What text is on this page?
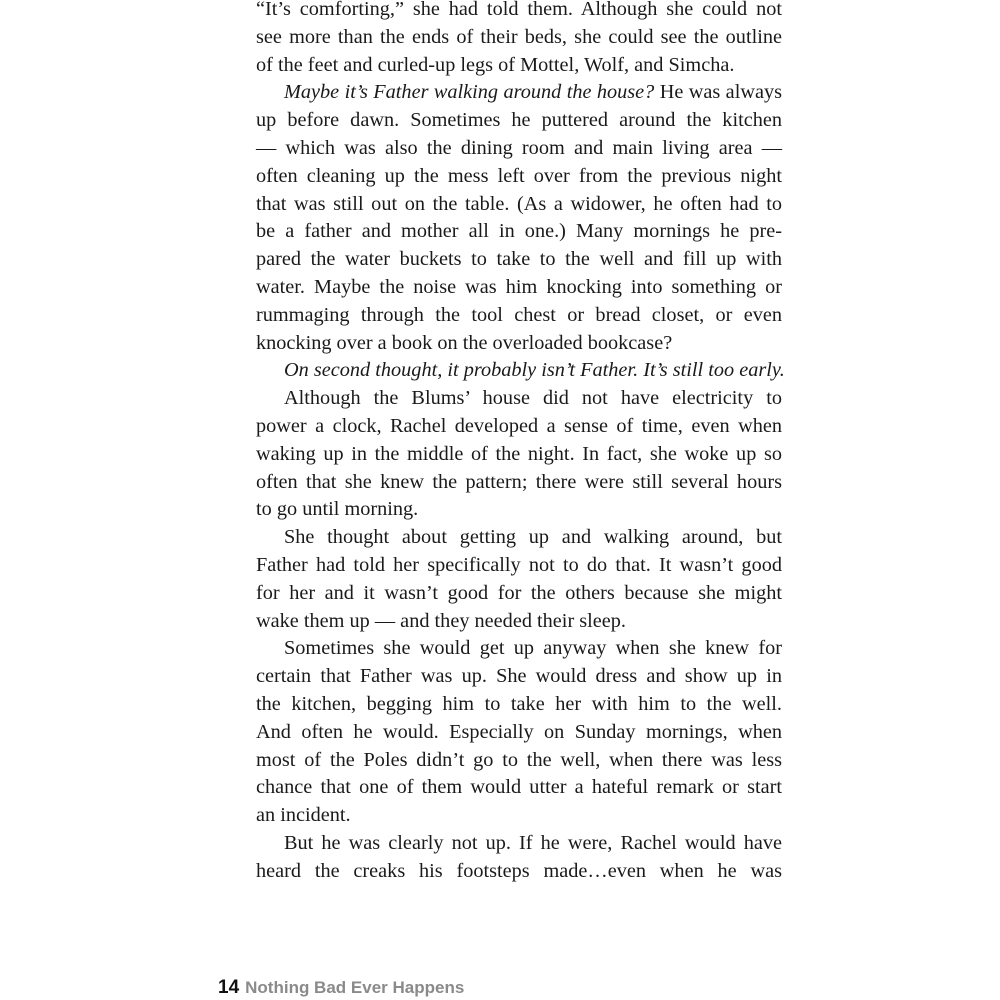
“It’s comforting,” she had told them. Although she could not
see more than the ends of their beds, she could see the outline
of the feet and curled-up legs of Mottel, Wolf, and Simcha.
Maybe it’s Father walking around the house? He was always
up before dawn. Sometimes he puttered around the kitchen
— which was also the dining room and main living area —
often cleaning up the mess left over from the previous night
that was still out on the table. (As a widower, he often had to
be a father and mother all in one.) Many mornings he pre-
pared the water buckets to take to the well and fill up with
water. Maybe the noise was him knocking into something or
rummaging through the tool chest or bread closet, or even
knocking over a book on the overloaded bookcase?
On second thought, it probably isn’t Father. It’s still too early.
Although the Blums’ house did not have electricity to
power a clock, Rachel developed a sense of time, even when
waking up in the middle of the night. In fact, she woke up so
often that she knew the pattern; there were still several hours
to go until morning.
She thought about getting up and walking around, but
Father had told her specifically not to do that. It wasn’t good
for her and it wasn’t good for the others because she might
wake them up — and they needed their sleep.
Sometimes she would get up anyway when she knew for
certain that Father was up. She would dress and show up in
the kitchen, begging him to take her with him to the well.
And often he would. Especially on Sunday mornings, when
most of the Poles didn’t go to the well, when there was less
chance that one of them would utter a hateful remark or start
an incident.
But he was clearly not up. If he were, Rachel would have
heard the creaks his footsteps made…even when he was
14 Nothing Bad Ever Happens
